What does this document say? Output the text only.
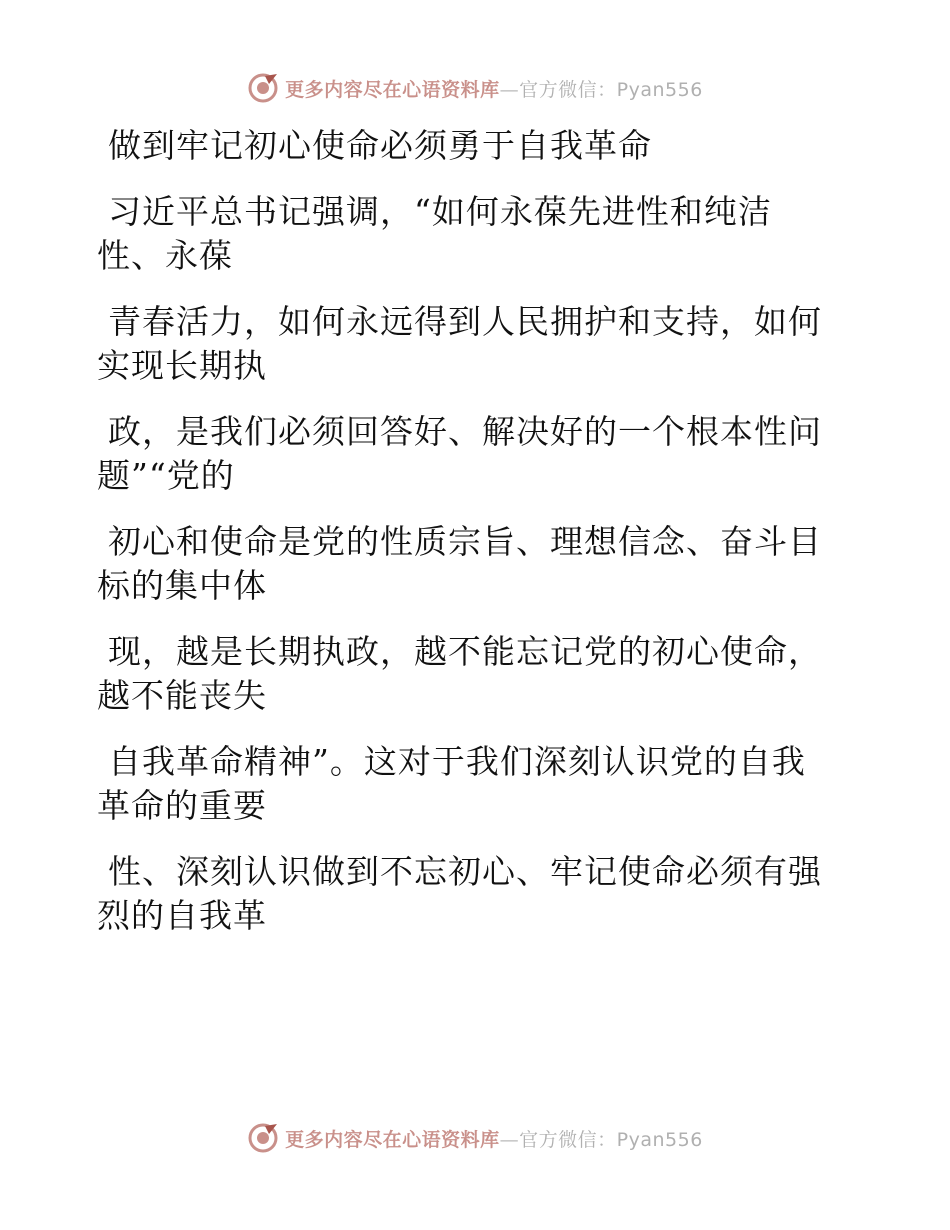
更多内容尽在心语资料库—官方微信：Pyan556

做到牢记初心使命必须勇于自我革命

习近平总书记强调，“如何永葆先进性和纯洁

性、永葆

青春活力，如何永远得到人民拥护和支持，如何

实现长期执

政，是我们必须回答好、解决好的一个根本性问

题”“党的

初心和使命是党的性质宗旨、理想信念、奋斗目

标的集中体

现，越是长期执政，越不能忘记党的初心使命，

越不能丧失

自我革命精神”。这对于我们深刻认识党的自我

革命的重要

性、深刻认识做到不忘初心、牢记使命必须有强

烈的自我革

更多内容尽在心语资料库—官方微信：Pyan556
